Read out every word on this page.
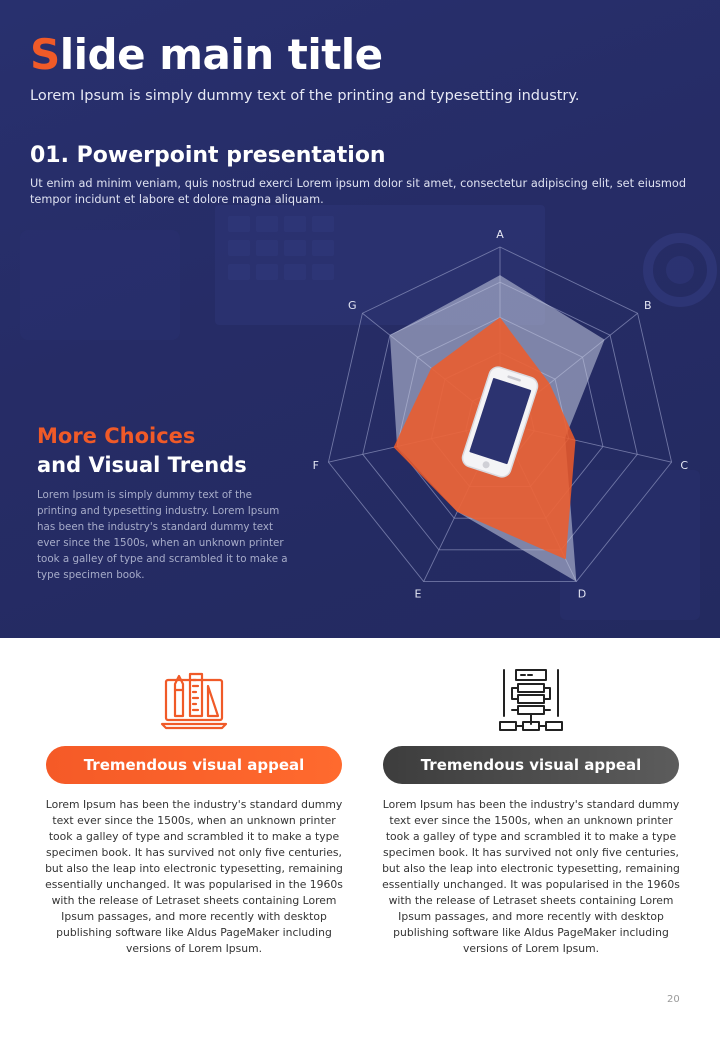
Slide main title
Lorem Ipsum is simply dummy text of the printing and typesetting industry.
01. Powerpoint presentation
Ut enim ad minim veniam, quis nostrud exerci Lorem ipsum dolor sit amet, consectetur adipiscing elit, set eiusmod tempor incidunt et labore et dolore magna aliquam.
More Choices
and Visual Trends
Lorem Ipsum is simply dummy text of the printing and typesetting industry. Lorem Ipsum has been the industry's standard dummy text ever since the 1500s, when an unknown printer took a galley of type and scrambled it to make a type specimen book.
A
B
C
D
E
F
G
Tremendous visual appeal	Tremendous visual appeal
Lorem Ipsum has been the industry's standard dummy text ever since the 1500s, when an unknown printer took a galley of type and scrambled it to make a type specimen book. It has survived not only five centuries, but also the leap into electronic typesetting, remaining essentially unchanged. It was popularised in the 1960s with the release of Letraset sheets containing Lorem Ipsum passages, and more recently with desktop publishing software like Aldus PageMaker including versions of Lorem Ipsum.
Lorem Ipsum has been the industry's standard dummy text ever since the 1500s, when an unknown printer took a galley of type and scrambled it to make a type specimen book. It has survived not only five centuries, but also the leap into electronic typesetting, remaining essentially unchanged. It was popularised in the 1960s with the release of Letraset sheets containing Lorem Ipsum passages, and more recently with desktop publishing software like Aldus PageMaker including versions of Lorem Ipsum.
20
